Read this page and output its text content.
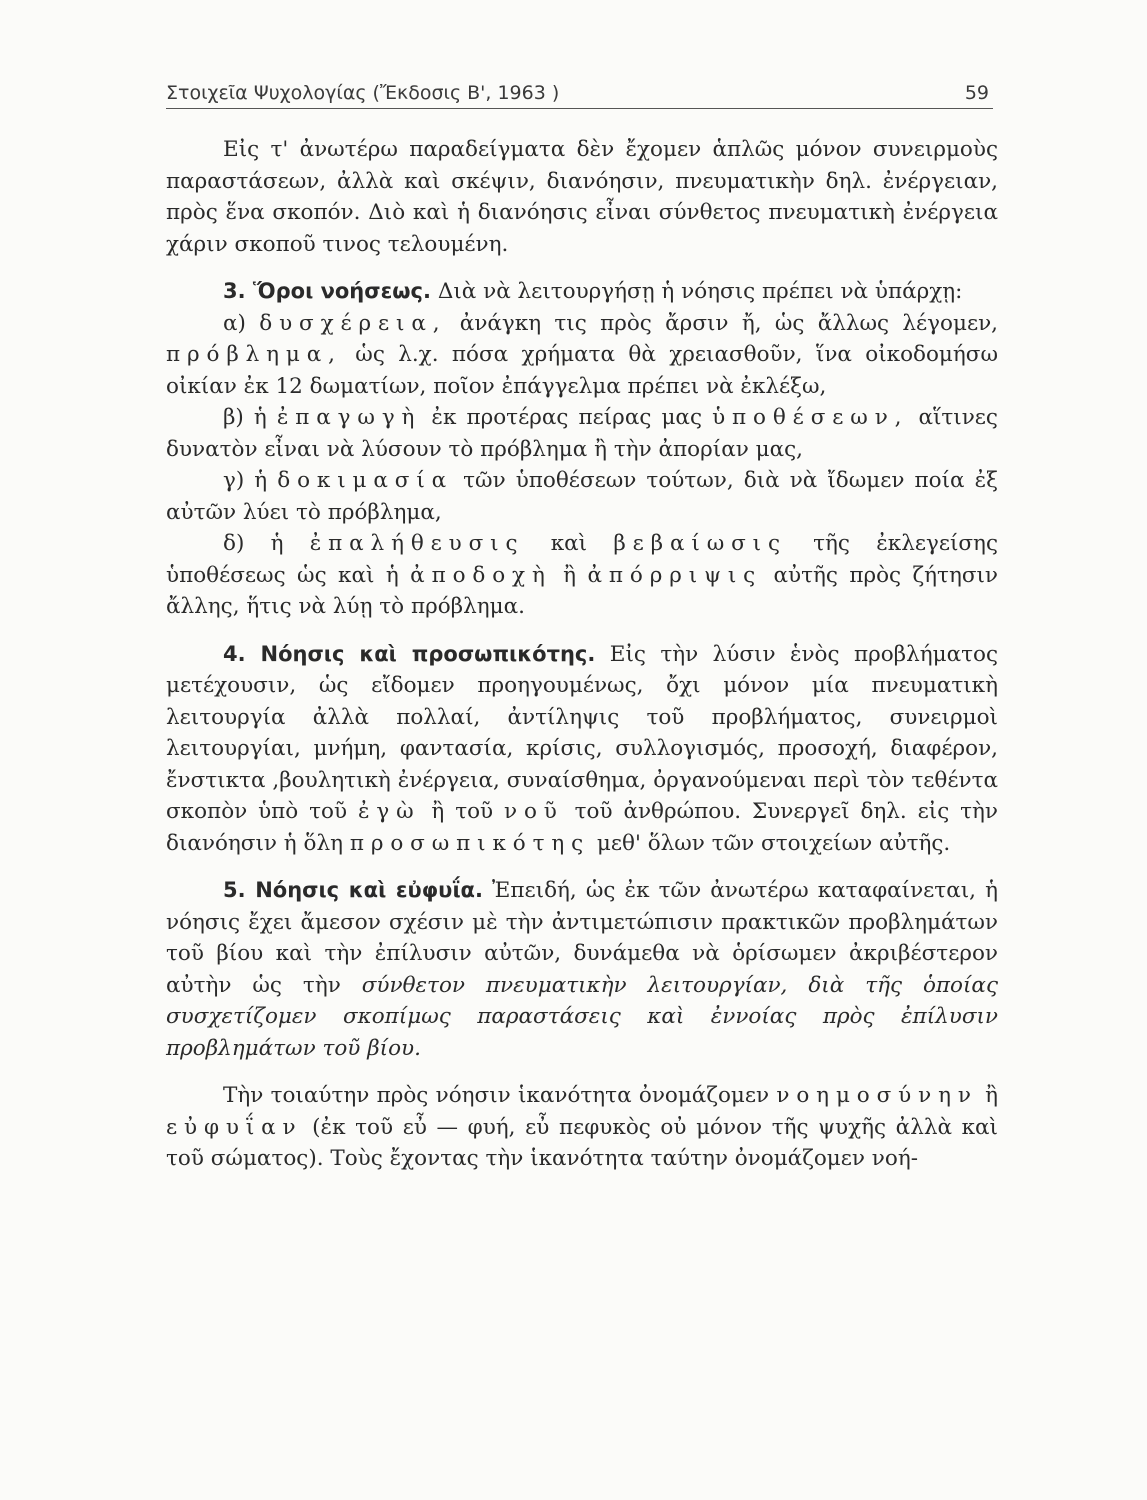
Στοιχεῖα Ψυχολογίας (Ἔκδοσις Β', 1963 )	59

Εἰς τ' ἀνωτέρω παραδείγματα δὲν ἔχομεν ἁπλῶς μόνον συνειρμοὺς παραστάσεων, ἀλλὰ καὶ σκέψιν, διανόησιν, πνευματικὴν δηλ. ἐνέργειαν, πρὸς ἕνα σκοπόν. Διὸ καὶ ἡ διανόησις εἶναι σύνθετος πνευματικὴ ἐνέργεια χάριν σκοποῦ τινος τελουμένη.

3. Ὅροι νοήσεως. Διὰ νὰ λειτουργήσῃ ἡ νόησις πρέπει νὰ ὑπάρχῃ:

α) δυσχέρεια, ἀνάγκη τις πρὸς ἄρσιν ἤ, ὡς ἄλλως λέγομεν, πρόβλημα, ὡς λ.χ. πόσα χρήματα θὰ χρειασθοῦν, ἵνα οἰκοδομήσω οἰκίαν ἐκ 12 δωματίων, ποῖον ἐπάγγελμα πρέπει νὰ ἐκλέξω,

β) ἡ ἐπαγωγὴ ἐκ προτέρας πείρας μας ὑποθέσεων, αἵτινες δυνατὸν εἶναι νὰ λύσουν τὸ πρόβλημα ἢ τὴν ἀπορίαν μας,

γ) ἡ δοκιμασία τῶν ὑποθέσεων τούτων, διὰ νὰ ἴδωμεν ποία ἐξ αὐτῶν λύει τὸ πρόβλημα,

δ) ἡ ἐπαλήθευσις καὶ βεβαίωσις τῆς ἐκλεγείσης ὑποθέσεως ὡς καὶ ἡ ἀποδοχὴ ἢ ἀπόρριψις αὐτῆς πρὸς ζήτησιν ἄλλης, ἥτις νὰ λύῃ τὸ πρόβλημα.

4. Νόησις καὶ προσωπικότης. Εἰς τὴν λύσιν ἑνὸς προβλήματος μετέχουσιν, ὡς εἴδομεν προηγουμένως, ὄχι μόνον μία πνευματικὴ λειτουργία ἀλλὰ πολλαί, ἀντίληψις τοῦ προβλήματος, συνειρμοὶ λειτουργίαι, μνήμη, φαντασία, κρίσις, συλλογισμός, προσοχή, διαφέρον, ἔνστικτα ,βουλητικὴ ἐνέργεια, συναίσθημα, ὀργανούμεναι περὶ τὸν τεθέντα σκοπὸν ὑπὸ τοῦ ἐγὼ ἢ τοῦ νοῦ τοῦ ἀνθρώπου. Συνεργεῖ δηλ. εἰς τὴν διανόησιν ἡ ὅλη προσωπικότης μεθ' ὅλων τῶν στοιχείων αὐτῆς.

5. Νόησις καὶ εὐφυΐα. Ἐπειδή, ὡς ἐκ τῶν ἀνωτέρω καταφαίνεται, ἡ νόησις ἔχει ἄμεσον σχέσιν μὲ τὴν ἀντιμετώπισιν πρακτικῶν προβλημάτων τοῦ βίου καὶ τὴν ἐπίλυσιν αὐτῶν, δυνάμεθα νὰ ὁρίσωμεν ἀκριβέστερον αὐτὴν ὡς τὴν σύνθετον πνευματικὴν λειτουργίαν, διὰ τῆς ὁποίας συσχετίζομεν σκοπίμως παραστάσεις καὶ ἐννοίας πρὸς ἐπίλυσιν προβλημάτων τοῦ βίου.

Τὴν τοιαύτην πρὸς νόησιν ἱκανότητα ὀνομάζομεν νοημοσύνην ἢ εὐφυΐαν (ἐκ τοῦ εὖ — φυή, εὖ πεφυκὸς οὐ μόνον τῆς ψυχῆς ἀλλὰ καὶ τοῦ σώματος). Τοὺς ἔχοντας τὴν ἱκανότητα ταύτην ὀνομάζομεν νοή-
